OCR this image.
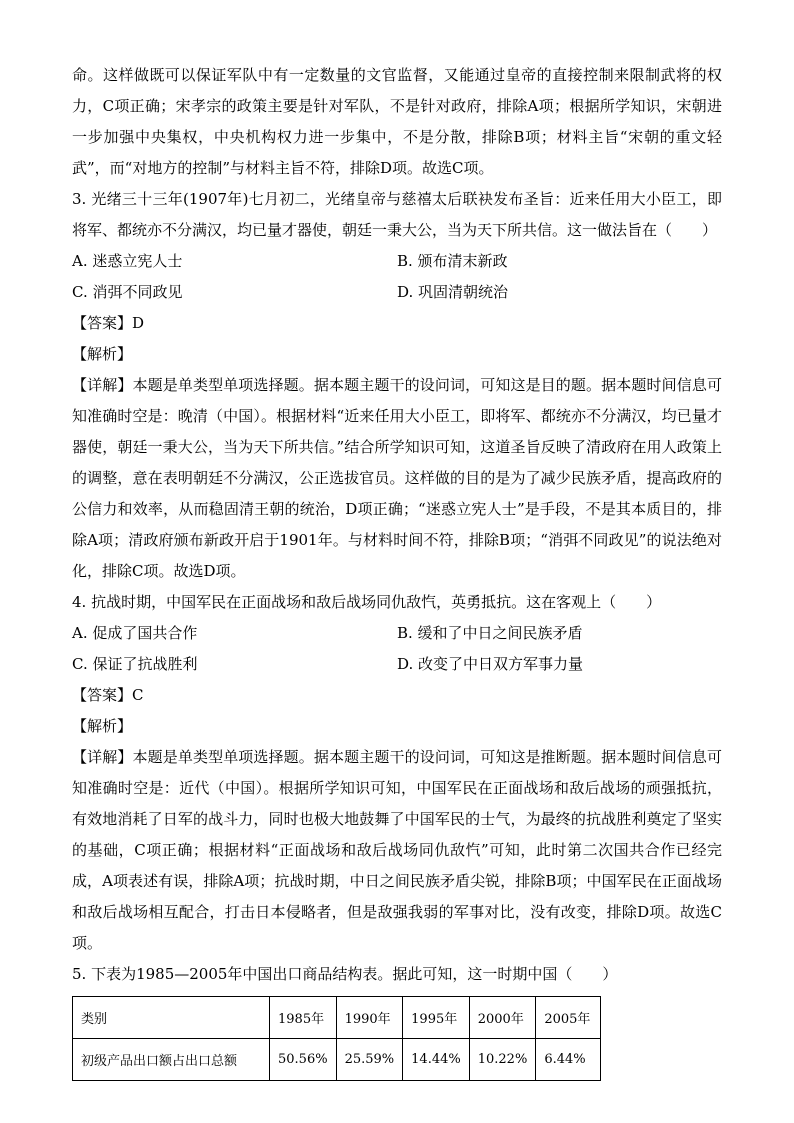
命。这样做既可以保证军队中有一定数量的文官监督，又能通过皇帝的直接控制来限制武将的权力，C项正确；宋孝宗的政策主要是针对军队，不是针对政府，排除A项；根据所学知识，宋朝进一步加强中央集权，中央机构权力进一步集中，不是分散，排除B项；材料主旨“宋朝的重文轻武”，而“对地方的控制”与材料主旨不符，排除D项。故选C项。
3. 光绪三十三年(1907年)七月初二，光绪皇帝与慈禧太后联袂发布圣旨：近来任用大小臣工，即将军、都统亦不分满汉，均已量才器使，朝廷一秉大公，当为天下所共信。这一做法旨在（　　）
A. 迷惑立宪人士	B. 颁布清末新政
C. 消弭不同政见	D. 巩固清朝统治
【答案】D
【解析】
【详解】本题是单类型单项选择题。据本题主题干的设问词，可知这是目的题。据本题时间信息可知准确时空是：晚清（中国）。根据材料“近来任用大小臣工，即将军、都统亦不分满汉，均已量才器使，朝廷一秉大公，当为天下所共信。”结合所学知识可知，这道圣旨反映了清政府在用人政策上的调整，意在表明朝廷不分满汉，公正选拔官员。这样做的目的是为了减少民族矛盾，提高政府的公信力和效率，从而稳固清王朝的统治，D项正确；“迷惑立宪人士”是手段，不是其本质目的，排除A项；清政府颁布新政开启于1901年。与材料时间不符，排除B项；“消弭不同政见”的说法绝对化，排除C项。故选D项。
4. 抗战时期，中国军民在正面战场和敌后战场同仇敌忾，英勇抵抗。这在客观上（　　）
A. 促成了国共合作	B. 缓和了中日之间民族矛盾
C. 保证了抗战胜利	D. 改变了中日双方军事力量
【答案】C
【解析】
【详解】本题是单类型单项选择题。据本题主题干的设问词，可知这是推断题。据本题时间信息可知准确时空是：近代（中国）。根据所学知识可知，中国军民在正面战场和敌后战场的顽强抵抗，有效地消耗了日军的战斗力，同时也极大地鼓舞了中国军民的士气，为最终的抗战胜利奠定了坚实的基础，C项正确；根据材料“正面战场和敌后战场同仇敌忾”可知，此时第二次国共合作已经完成，A项表述有误，排除A项；抗战时期，中日之间民族矛盾尖锐，排除B项；中国军民在正面战场和敌后战场相互配合，打击日本侵略者，但是敌强我弱的军事对比，没有改变，排除D项。故选C项。
5. 下表为1985—2005年中国出口商品结构表。据此可知，这一时期中国（　　）
类别	1985年	1990年	1995年	2000年	2005年
初级产品出口额占出口总额	50.56%	25.59%	14.44%	10.22%	6.44%
